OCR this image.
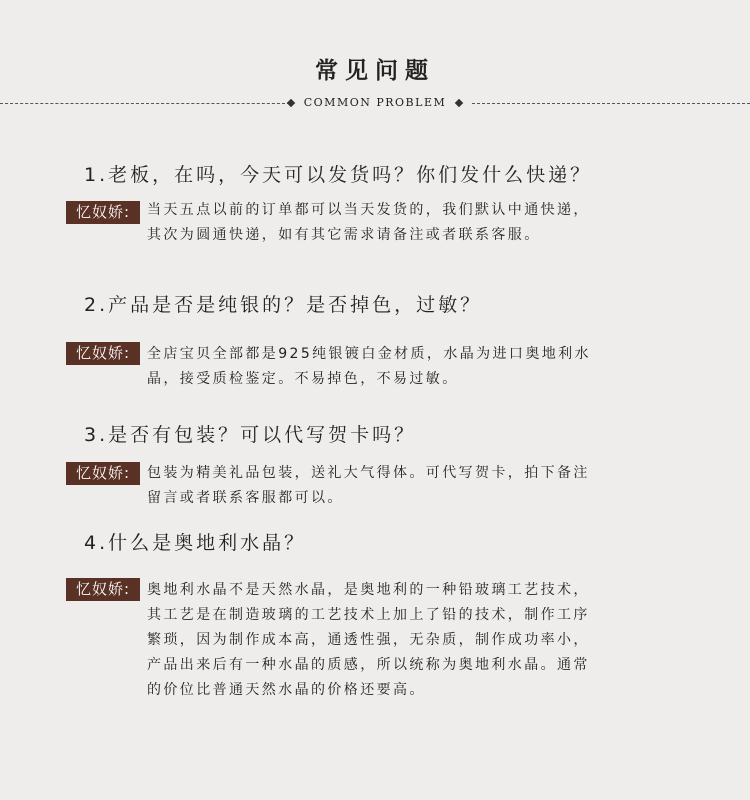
常见问题
COMMON PROBLEM
1.老板，在吗，今天可以发货吗？你们发什么快递？
忆奴娇:	当天五点以前的订单都可以当天发货的，我们默认中通快递，
其次为圆通快递，如有其它需求请备注或者联系客服。
2.产品是否是纯银的？是否掉色，过敏？
忆奴娇:	全店宝贝全部都是925纯银镀白金材质，水晶为进口奥地利水
晶，接受质检鉴定。不易掉色，不易过敏。
3.是否有包装？可以代写贺卡吗？
忆奴娇:	包装为精美礼品包装，送礼大气得体。可代写贺卡，拍下备注
留言或者联系客服都可以。
4.什么是奥地利水晶？
忆奴娇:	奥地利水晶不是天然水晶，是奥地利的一种铅玻璃工艺技术，
其工艺是在制造玻璃的工艺技术上加上了铅的技术，制作工序
繁琐，因为制作成本高，通透性强，无杂质，制作成功率小，
产品出来后有一种水晶的质感，所以统称为奥地利水晶。通常
的价位比普通天然水晶的价格还要高。
